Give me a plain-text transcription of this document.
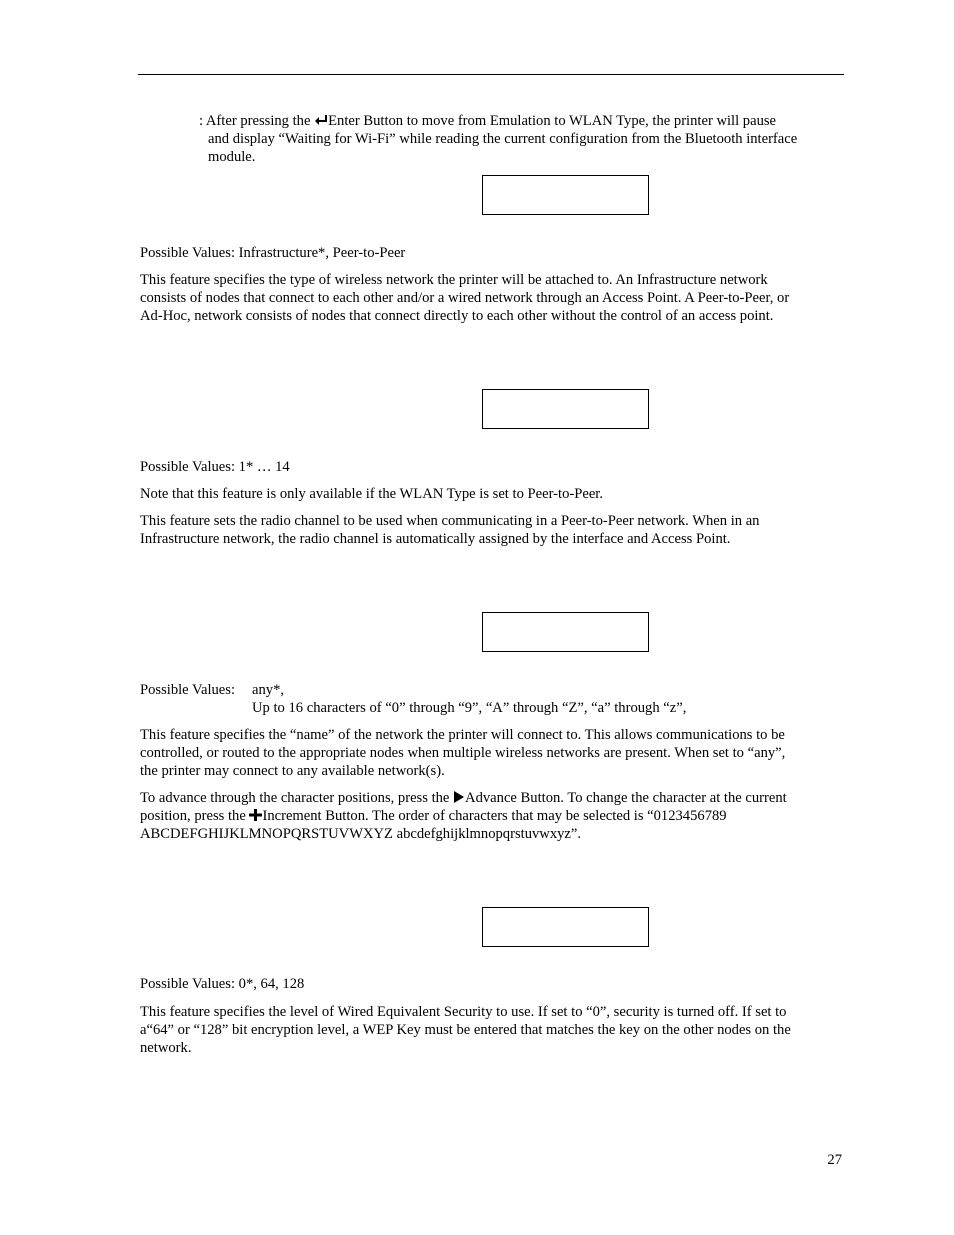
: After pressing the
Enter Button to move from Emulation to WLAN Type, the printer will pause
and display “Waiting for Wi-Fi” while reading the current configuration from the Bluetooth interface
module.

Possible Values: Infrastructure*, Peer-to-Peer

This feature specifies the type of wireless network the printer will be attached to. An Infrastructure network
consists of nodes that connect to each other and/or a wired network through an Access Point. A Peer-to-Peer, or
Ad-Hoc, network consists of nodes that connect directly to each other without the control of an access point.

Possible Values: 1* … 14

Note that this feature is only available if the WLAN Type is set to Peer-to-Peer.

This feature sets the radio channel to be used when communicating in a Peer-to-Peer network. When in an
Infrastructure network, the radio channel is automatically assigned by the interface and Access Point.

Possible Values: any*,

Up to 16 characters of “0” through “9”, “A” through “Z”, “a” through “z”,

This feature specifies the “name” of the network the printer will connect to. This allows communications to be
controlled, or routed to the appropriate nodes when multiple wireless networks are present. When set to “any”,
the printer may connect to any available network(s).

To advance through the character positions, press the
Advance Button. To change the character at the current
position, press the
Increment Button. The order of characters that may be selected is “0123456789
ABCDEFGHIJKLMNOPQRSTUVWXYZ abcdefghijklmnopqrstuvwxyz”.

Possible Values: 0*, 64, 128

This feature specifies the level of Wired Equivalent Security to use. If set to “0”, security is turned off. If set to
a“64” or “128” bit encryption level, a WEP Key must be entered that matches the key on the other nodes on the
network.

27
